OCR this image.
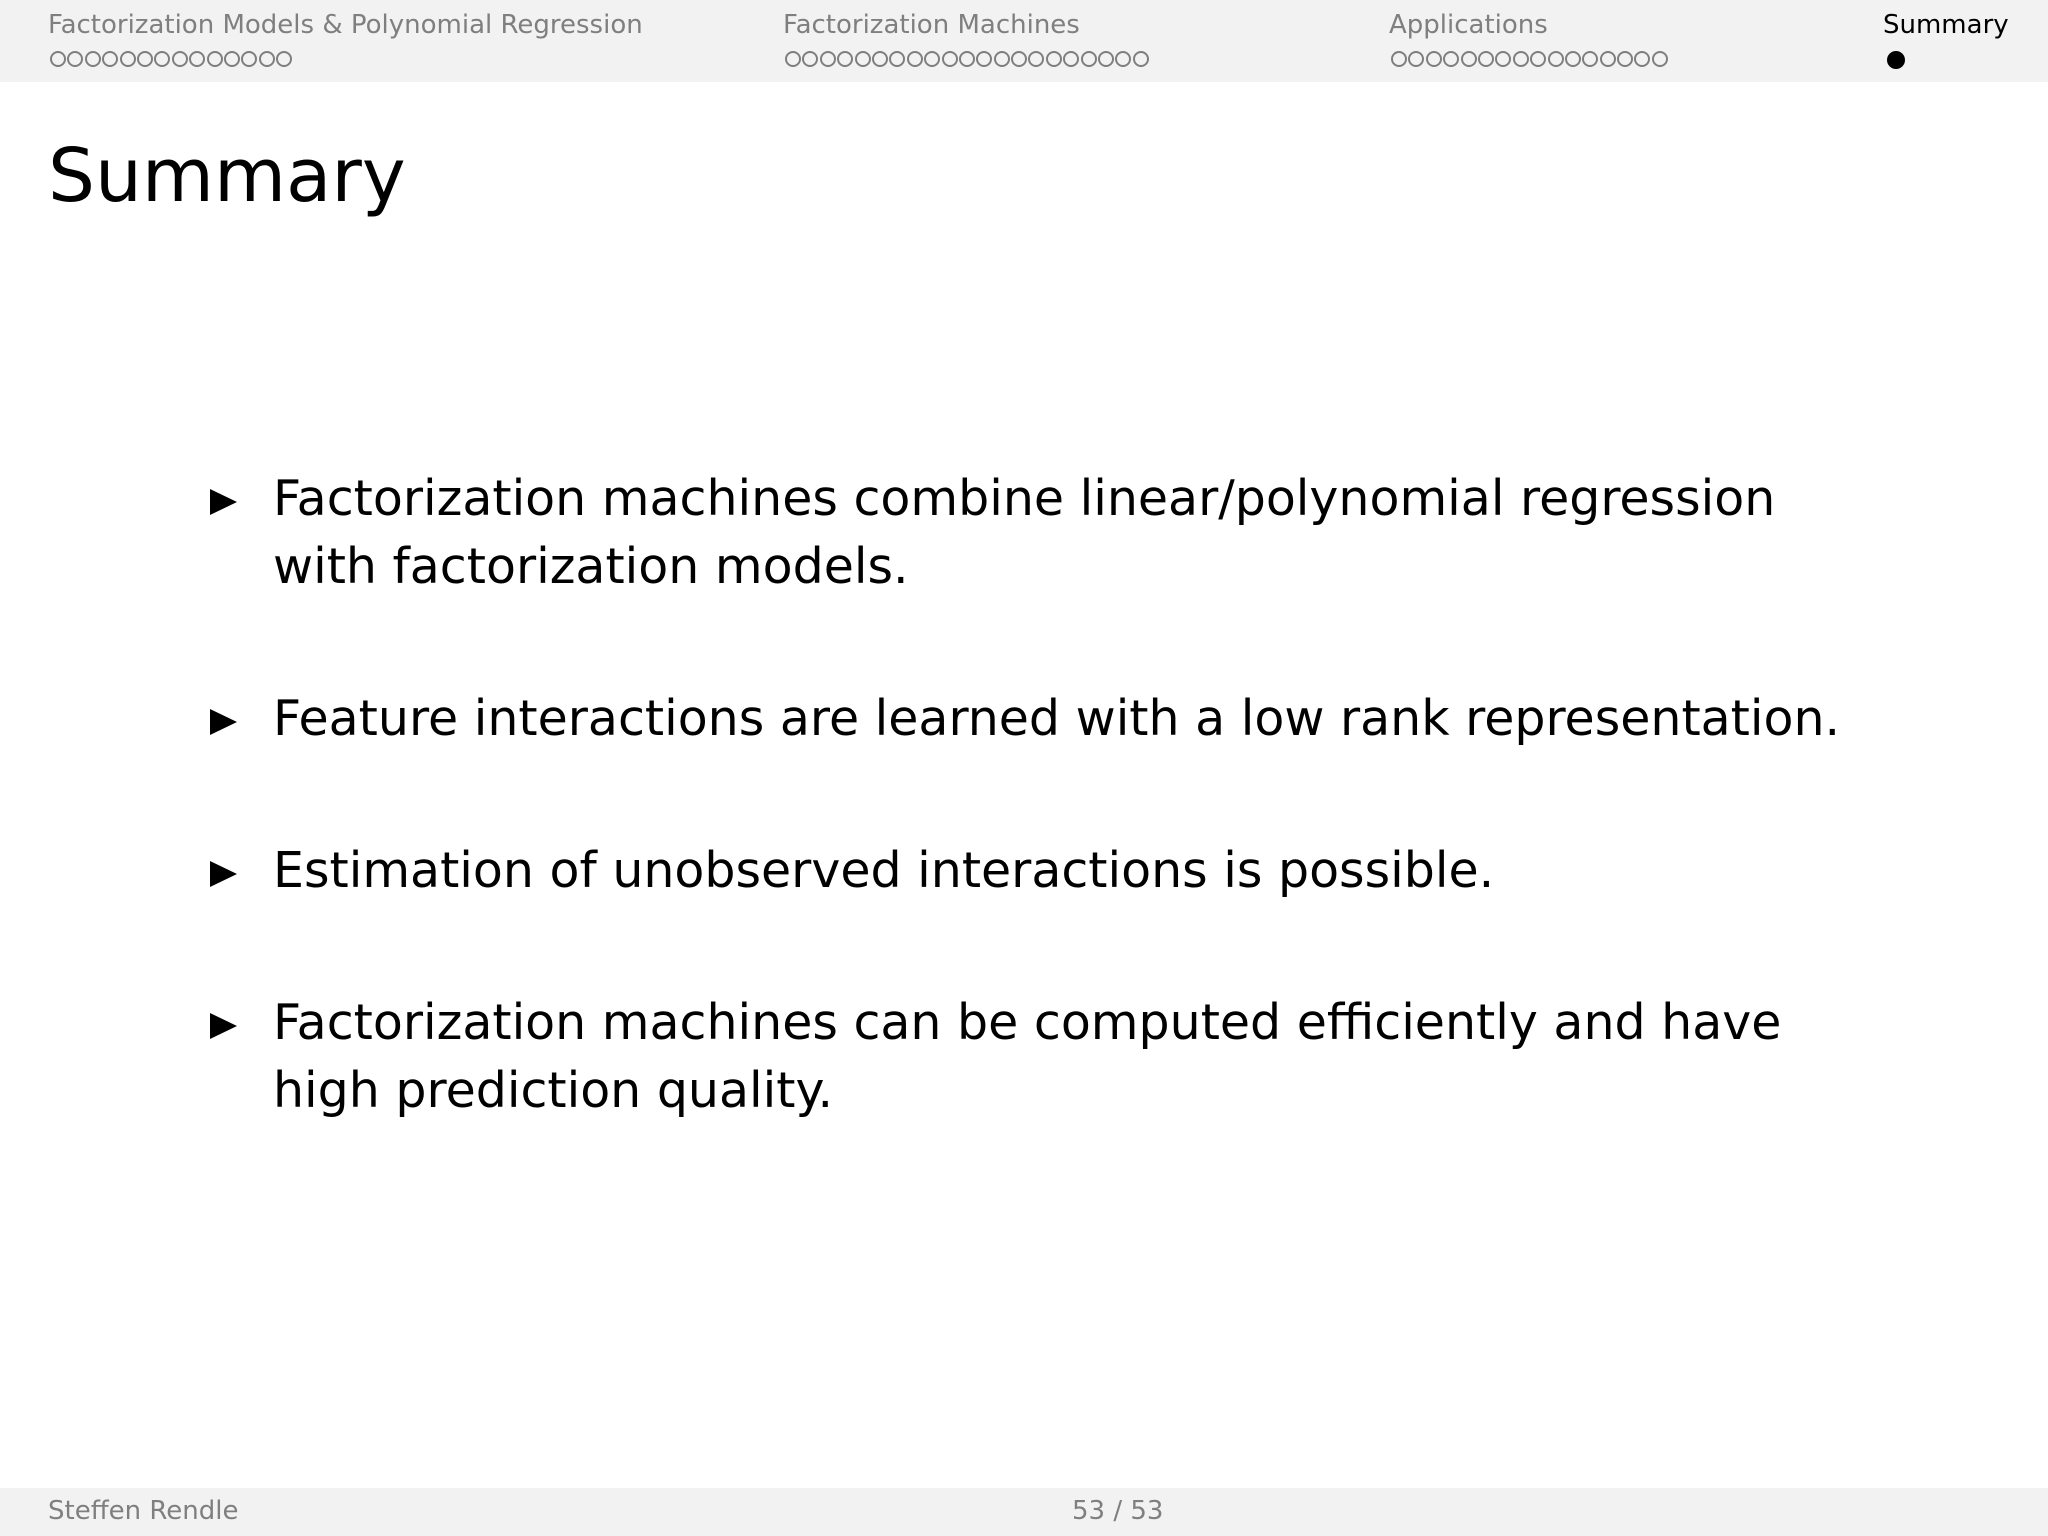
Factorization Models & Polynomial Regression	Factorization Machines	Applications	Summary
Summary
Factorization machines combine linear/polynomial regression with factorization models.
Feature interactions are learned with a low rank representation.
Estimation of unobserved interactions is possible.
Factorization machines can be computed efficiently and have high prediction quality.
Steffen Rendle	53 / 53
